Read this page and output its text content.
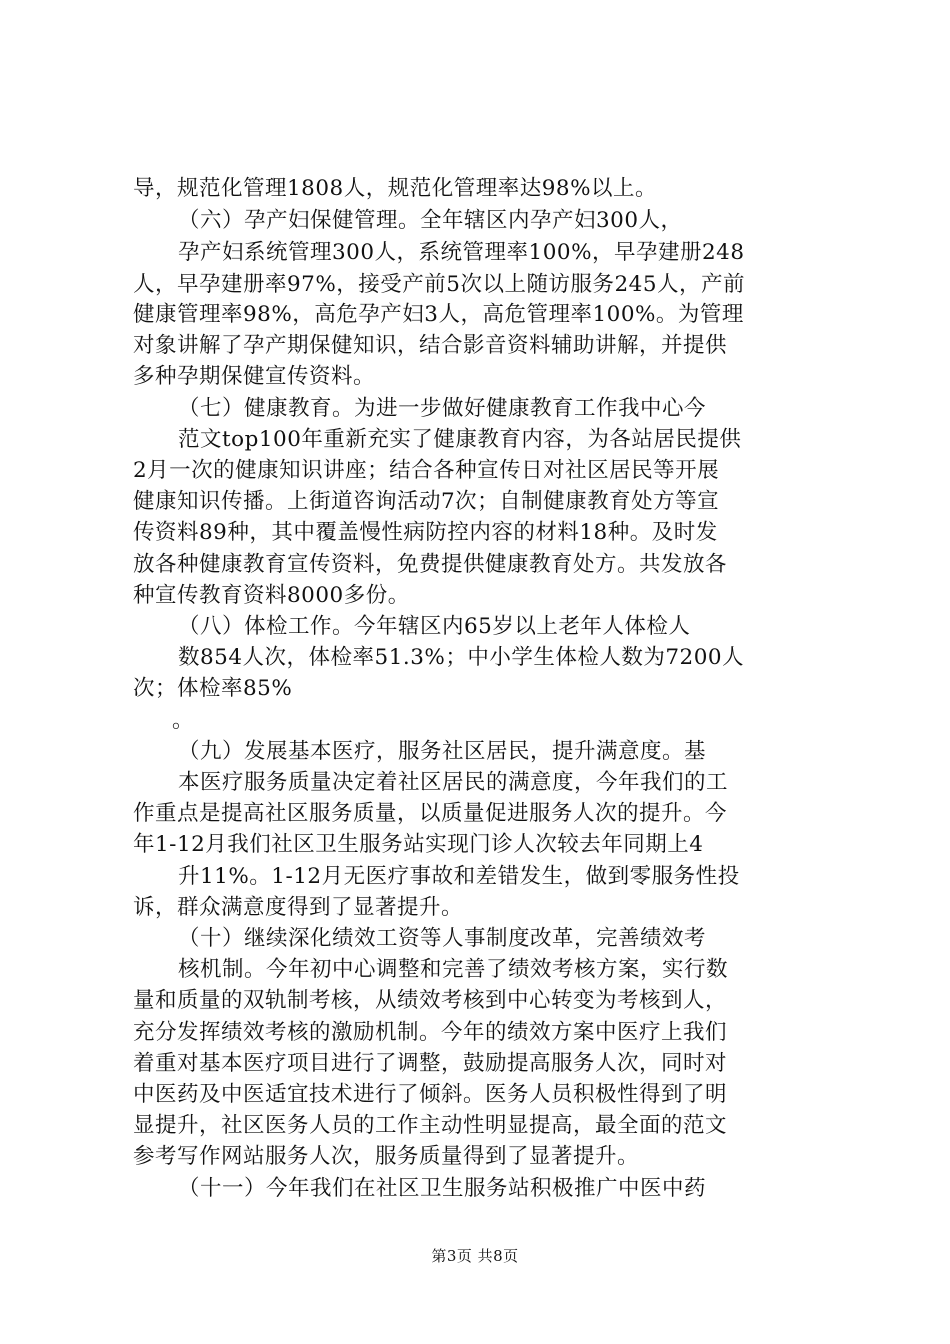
导，规范化管理1808人，规范化管理率达98%以上。
（六）孕产妇保健管理。全年辖区内孕产妇300人，
孕产妇系统管理300人，系统管理率100%，早孕建册248
人，早孕建册率97%，接受产前5次以上随访服务245人，产前
健康管理率98%，高危孕产妇3人，高危管理率100%。为管理
对象讲解了孕产期保健知识，结合影音资料辅助讲解，并提供
多种孕期保健宣传资料。
（七）健康教育。为进一步做好健康教育工作我中心今
范文top100年重新充实了健康教育内容，为各站居民提供
2月一次的健康知识讲座；结合各种宣传日对社区居民等开展
健康知识传播。上街道咨询活动7次；自制健康教育处方等宣
传资料89种，其中覆盖慢性病防控内容的材料18种。及时发
放各种健康教育宣传资料，免费提供健康教育处方。共发放各
种宣传教育资料8000多份。
（八）体检工作。今年辖区内65岁以上老年人体检人
数854人次，体检率51.3%；中小学生体检人数为7200人
次；体检率85%
。
（九）发展基本医疗，服务社区居民，提升满意度。基
本医疗服务质量决定着社区居民的满意度，今年我们的工
作重点是提高社区服务质量，以质量促进服务人次的提升。今
年1-12月我们社区卫生服务站实现门诊人次较去年同期上4
升11%。1-12月无医疗事故和差错发生，做到零服务性投
诉，群众满意度得到了显著提升。
（十）继续深化绩效工资等人事制度改革，完善绩效考
核机制。今年初中心调整和完善了绩效考核方案，实行数
量和质量的双轨制考核，从绩效考核到中心转变为考核到人，
充分发挥绩效考核的激励机制。今年的绩效方案中医疗上我们
着重对基本医疗项目进行了调整，鼓励提高服务人次，同时对
中医药及中医适宜技术进行了倾斜。医务人员积极性得到了明
显提升，社区医务人员的工作主动性明显提高，最全面的范文
参考写作网站服务人次，服务质量得到了显著提升。
（十一）今年我们在社区卫生服务站积极推广中医中药
第3页 共8页
